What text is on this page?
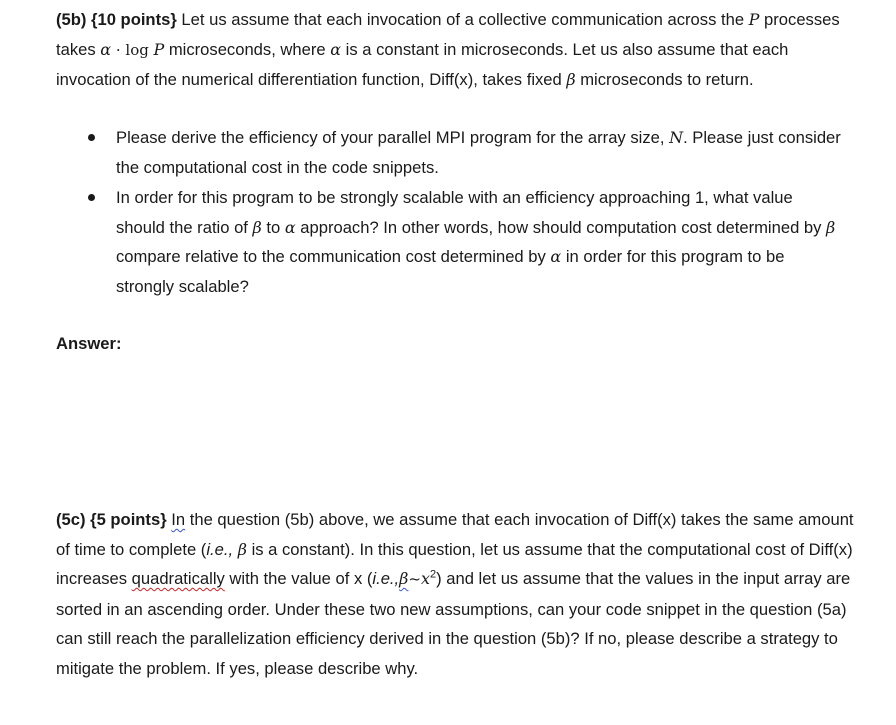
(5b) {10 points} Let us assume that each invocation of a collective communication across the P processes takes α · log P microseconds, where α is a constant in microseconds. Let us also assume that each invocation of the numerical differentiation function, Diff(x), takes fixed β microseconds to return.
Please derive the efficiency of your parallel MPI program for the array size, N. Please just consider the computational cost in the code snippets.
In order for this program to be strongly scalable with an efficiency approaching 1, what value should the ratio of β to α approach? In other words, how should computation cost determined by β compare relative to the communication cost determined by α in order for this program to be strongly scalable?
Answer:
(5c) {5 points} In the question (5b) above, we assume that each invocation of Diff(x) takes the same amount of time to complete (i.e., β is a constant). In this question, let us assume that the computational cost of Diff(x) increases quadratically with the value of x $(i.e.,\beta\sim x^2)$ and let us assume that the values in the input array are sorted in an ascending order. Under these two new assumptions, can your code snippet in the question (5a) can still reach the parallelization efficiency derived in the question (5b)? If no, please describe a strategy to mitigate the problem. If yes, please describe why.
